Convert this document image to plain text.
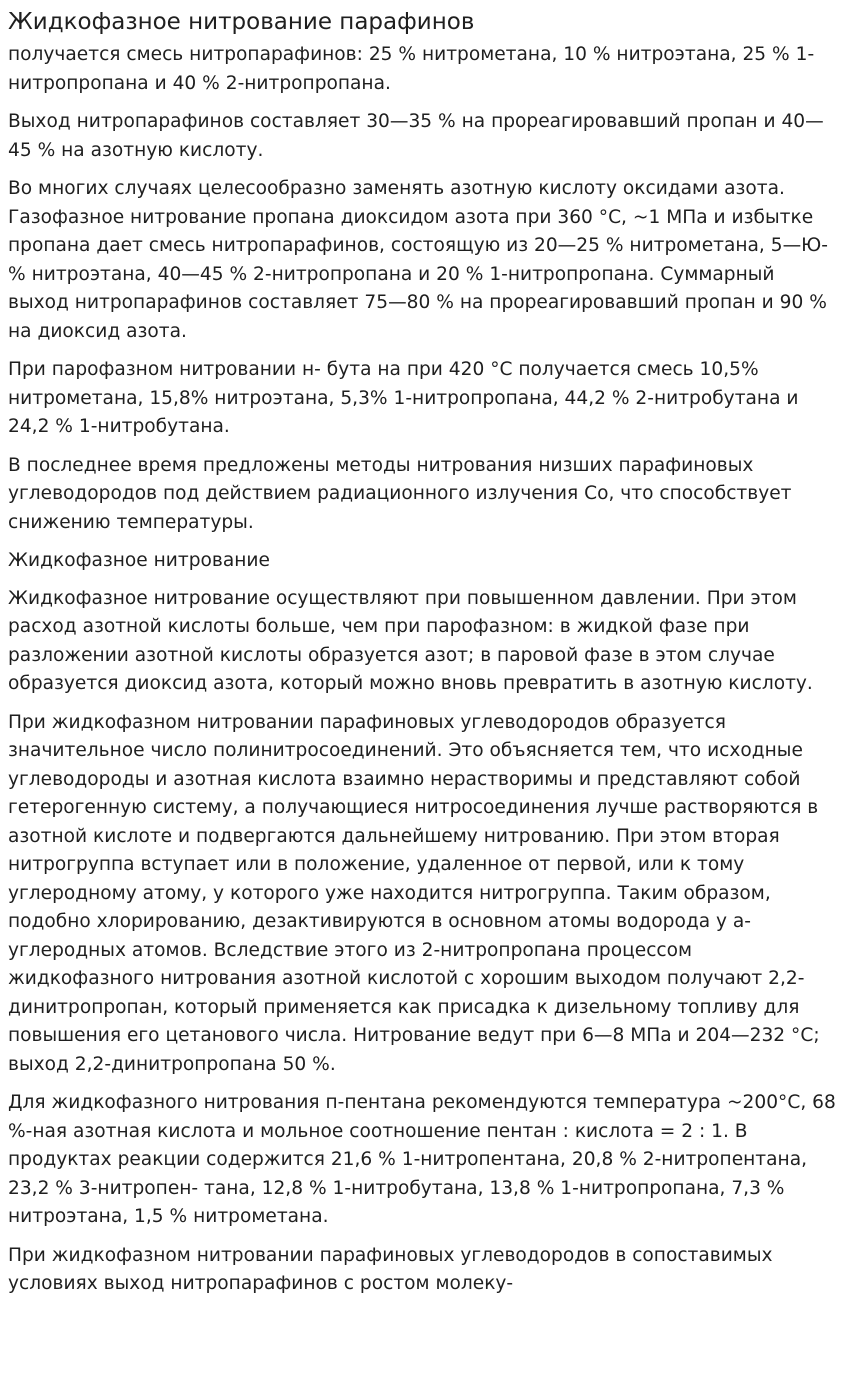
Жидкофазное нитрование парафинов

получается смесь нитропарафинов: 25 % нитрометана, 10 % нитроэтана, 25 % 1-нитропропана и 40 % 2-нитропропана.

Выход нитропарафинов составляет 30—35 % на прореагировавший пропан и 40—45 % на азотную кислоту.

Во многих случаях целесообразно заменять азотную кислоту оксидами азота. Газофазное нитрование пропана диоксидом азота при 360 °С, ~1 МПа и избытке пропана дает смесь нитропарафинов, состоящую из 20—25 % нитрометана, 5—Ю-% нитроэтана, 40—45 % 2-нитропропана и 20 % 1-нитропропана. Суммарный выход нитропарафинов составляет 75—80 % на прореагировавший пропан и 90 % на диоксид азота.

При парофазном нитровании н- бута на при 420 °С получается смесь 10,5% нитрометана, 15,8% нитроэтана, 5,3% 1-нитропропана, 44,2 % 2-нитробутана и 24,2 % 1-нитробутана.

В последнее время предложены методы нитрования низших парафиновых углеводородов под действием радиационного излучения Со, что способствует снижению температуры.

Жидкофазное нитрование

Жидкофазное нитрование осуществляют при повышенном давлении. При этом расход азотной кислоты больше, чем при парофазном: в жидкой фазе при разложении азотной кислоты образуется азот; в паровой фазе в этом случае образуется диоксид азота, который можно вновь превратить в азотную кислоту.

При жидкофазном нитровании парафиновых углеводородов образуется значительное число полинитросоединений. Это объясняется тем, что исходные углеводороды и азотная кислота взаимно нерастворимы и представляют собой гетерогенную систему, а получающиеся нитросоединения лучше растворяются в азотной кислоте и подвергаются дальнейшему нитрованию. При этом вторая нитрогруппа вступает или в положение, удаленное от первой, или к тому углеродному атому, у которого уже находится нитрогруппа. Таким образом, подобно хлорированию, дезактивируются в основном атомы водорода у а-углеродных атомов. Вследствие этого из 2-нитропропана процессом жидкофазного нитрования азотной кислотой с хорошим выходом получают 2,2-динитропропан, который применяется как присадка к дизельному топливу для повышения его цетанового числа. Нитрование ведут при 6—8 МПа и 204—232 °С; выход 2,2-динитропропана 50 %.

Для жидкофазного нитрования п-пентана рекомендуются температура ~200°С, 68 %-ная азотная кислота и мольное соотношение пентан : кислота = 2 : 1. В продуктах реакции содержится 21,6 % 1-нитропентана, 20,8 % 2-нитропентана, 23,2 % 3-нитропен- тана, 12,8 % 1-нитробутана, 13,8 % 1-нитропропана, 7,3 % нитроэтана, 1,5 % нитрометана.

При жидкофазном нитровании парафиновых углеводородов в сопоставимых условиях выход нитропарафинов с ростом молеку-
